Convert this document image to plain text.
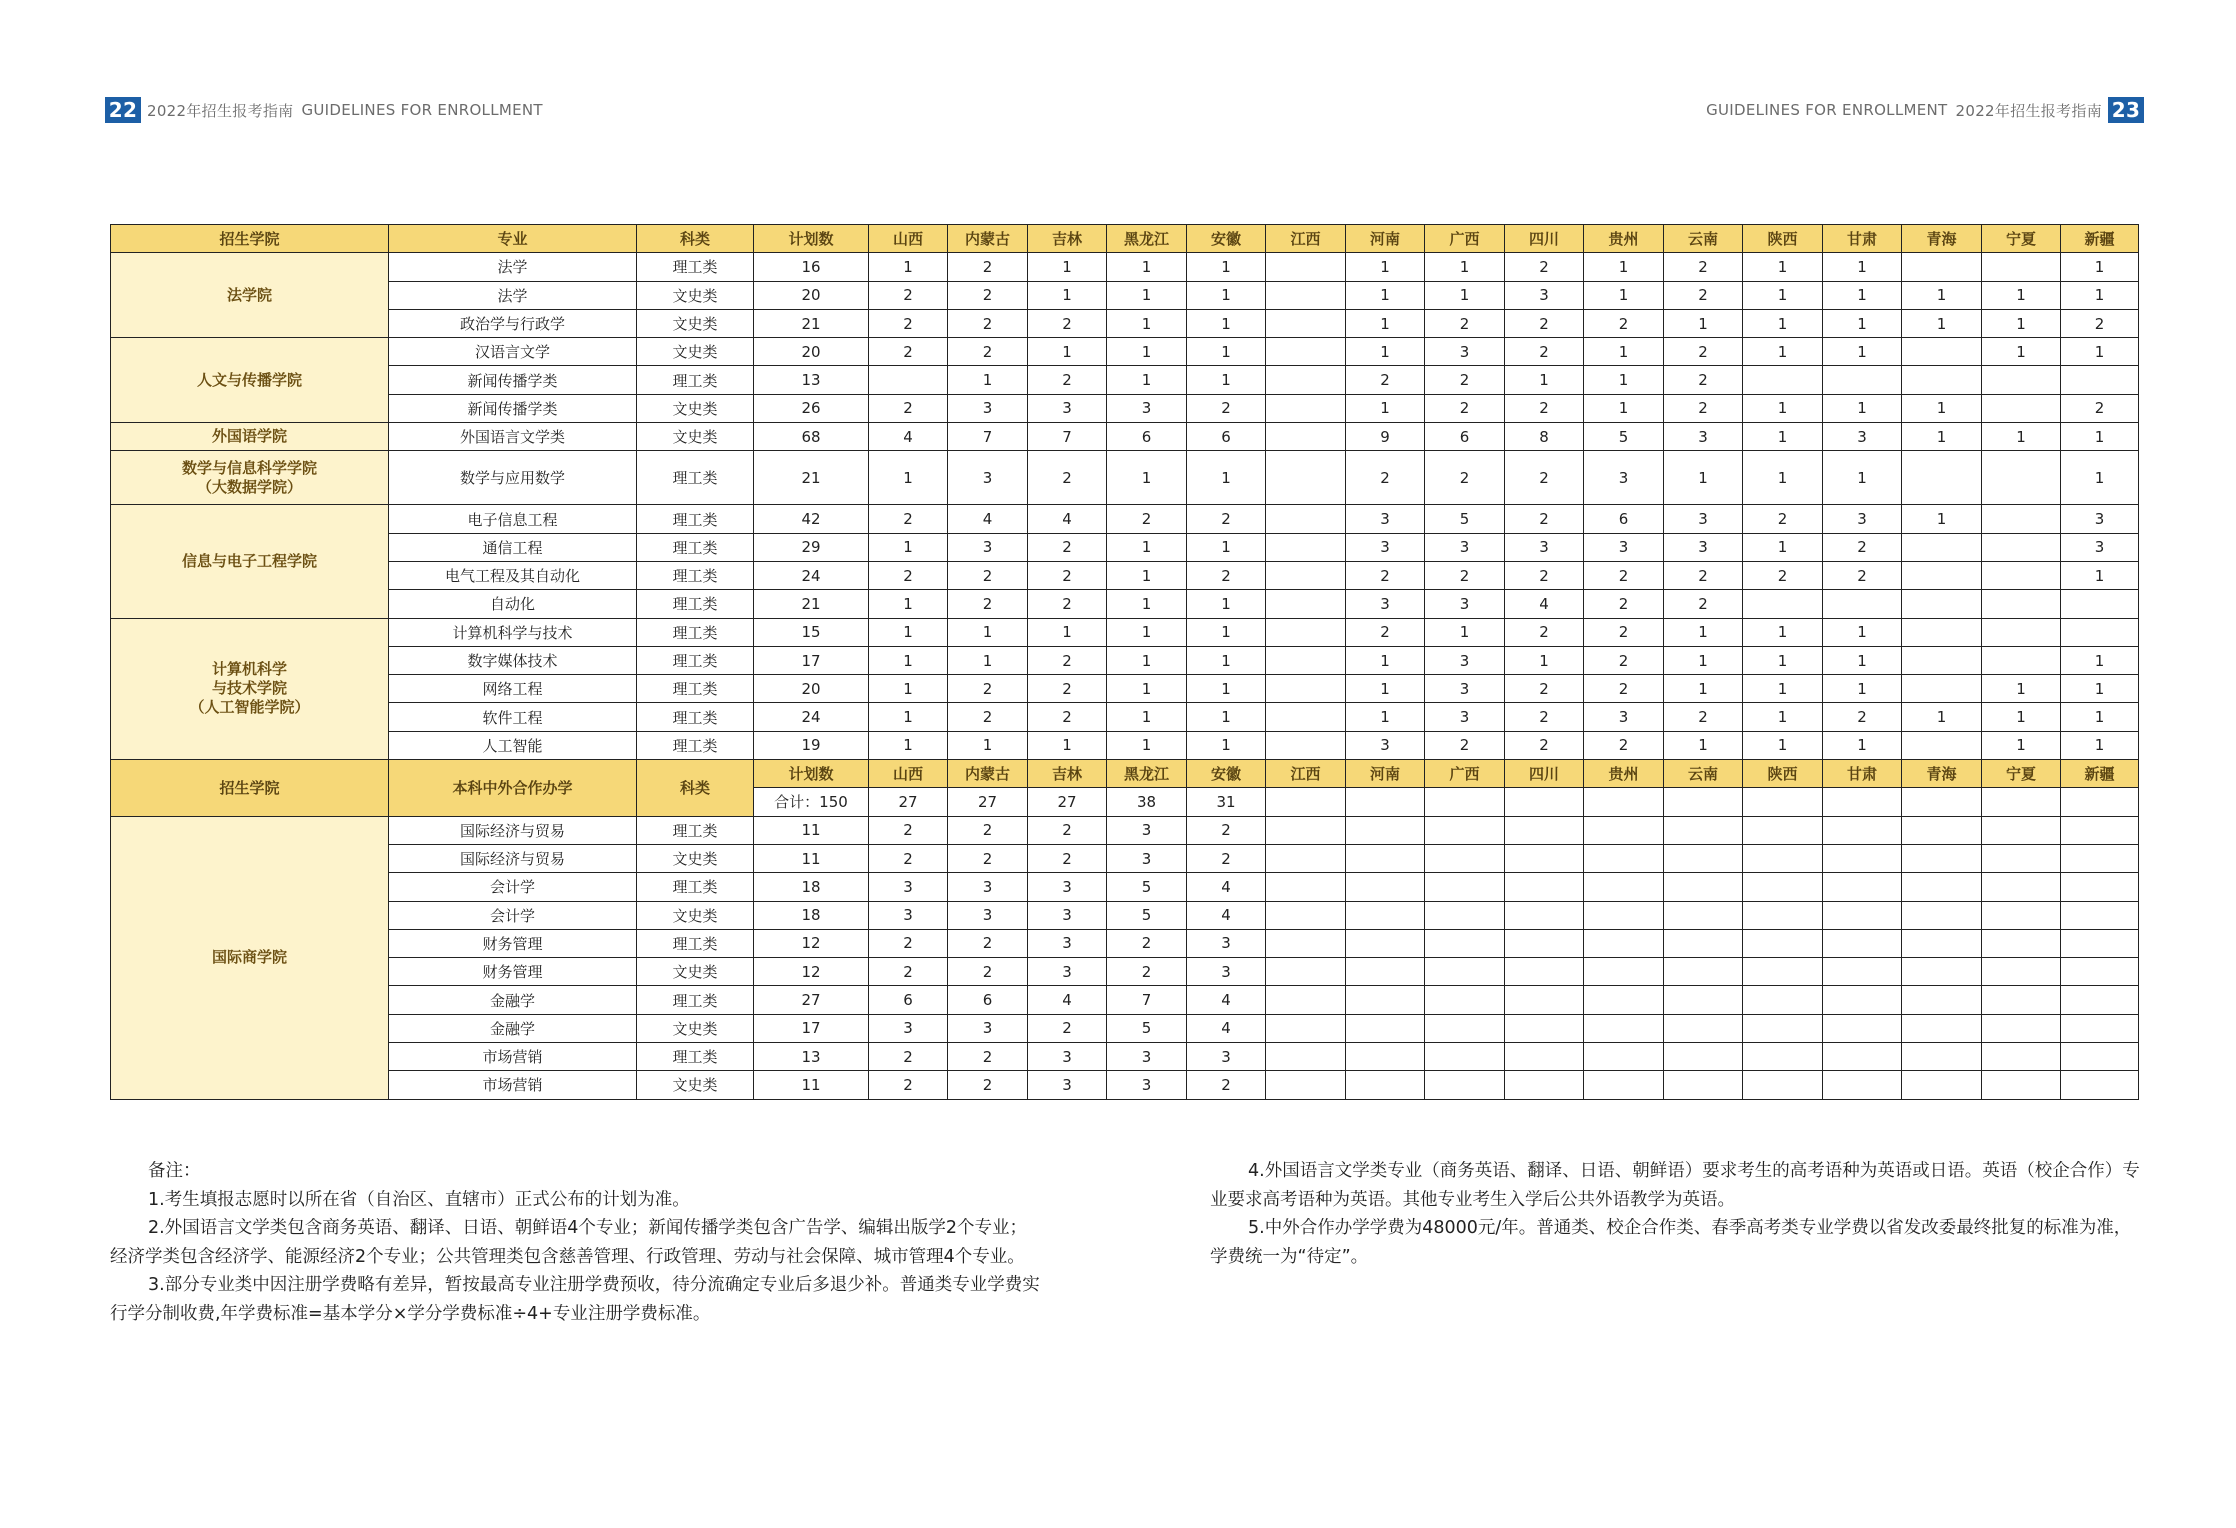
22 2022年招生报考指南 GUIDELINES FOR ENROLLMENT	GUIDELINES FOR ENROLLMENT 2022年招生报考指南 23
招生学院	专业	科类	计划数	山西	内蒙古	吉林	黑龙江	安徽	江西	河南	广西	四川	贵州	云南	陕西	甘肃	青海	宁夏	新疆
法学院	法学	理工类	16	1	2	1	1	1		1	1	2	1	2	1	1			1
	法学	文史类	20	2	2	1	1	1		1	1	3	1	2	1	1	1	1	1
	政治学与行政学	文史类	21	2	2	2	1	1		1	2	2	2	1	1	1	1	1	2
人文与传播学院	汉语言文学	文史类	20	2	2	1	1	1		1	3	2	1	2	1	1		1	1
	新闻传播学类	理工类	13		1	2	1	1		2	2	1	1	2					
	新闻传播学类	文史类	26	2	3	3	3	2		1	2	2	1	2	1	1	1		2
外国语学院	外国语言文学类	文史类	68	4	7	7	6	6		9	6	8	5	3	1	3	1	1	1
数学与信息科学学院
（大数据学院）	数学与应用数学	理工类	21	1	3	2	1	1		2	2	2	3	1	1	1			1
信息与电子工程学院	电子信息工程	理工类	42	2	4	4	2	2		3	5	2	6	3	2	3	1		3
	通信工程	理工类	29	1	3	2	1	1		3	3	3	3	3	1	2			3
	电气工程及其自动化	理工类	24	2	2	2	1	2		2	2	2	2	2	2	2			1
	自动化	理工类	21	1	2	2	1	1		3	3	4	2	2					
计算机科学
与技术学院
（人工智能学院）	计算机科学与技术	理工类	15	1	1	1	1	1		2	1	2	2	1	1	1			
	数字媒体技术	理工类	17	1	1	2	1	1		1	3	1	2	1	1	1			1
	网络工程	理工类	20	1	2	2	1	1		1	3	2	2	1	1	1		1	1
	软件工程	理工类	24	1	2	2	1	1		1	3	2	3	2	1	2	1	1	1
	人工智能	理工类	19	1	1	1	1	1		3	2	2	2	1	1	1		1	1
招生学院	本科中外合作办学	科类	计划数	山西	内蒙古	吉林	黑龙江	安徽	江西	河南	广西	四川	贵州	云南	陕西	甘肃	青海	宁夏	新疆
			合计：150	27	27	27	38	31											
国际商学院	国际经济与贸易	理工类	11	2	2	2	3	2											
	国际经济与贸易	文史类	11	2	2	2	3	2											
	会计学	理工类	18	3	3	3	5	4											
	会计学	文史类	18	3	3	3	5	4											
	财务管理	理工类	12	2	2	3	2	3											
	财务管理	文史类	12	2	2	3	2	3											
	金融学	理工类	27	6	6	4	7	4											
	金融学	文史类	17	3	3	2	5	4											
	市场营销	理工类	13	2	2	3	3	3											
	市场营销	文史类	11	2	2	3	3	2											

备注：

1.考生填报志愿时以所在省（自治区、直辖市）正式公布的计划为准。

2.外国语言文学类包含商务英语、翻译、日语、朝鲜语4个专业；新闻传播学类包含广告学、编辑出版学2个专业；经济学类包含经济学、能源经济2个专业；公共管理类包含慈善管理、行政管理、劳动与社会保障、城市管理4个专业。

3.部分专业类中因注册学费略有差异，暂按最高专业注册学费预收，待分流确定专业后多退少补。普通类专业学费实行学分制收费,年学费标准=基本学分×学分学费标准÷4+专业注册学费标准。

4.外国语言文学类专业（商务英语、翻译、日语、朝鲜语）要求考生的高考语种为英语或日语。英语（校企合作）专业要求高考语种为英语。其他专业考生入学后公共外语教学为英语。

5.中外合作办学学费为48000元/年。普通类、校企合作类、春季高考类专业学费以省发改委最终批复的标准为准，学费统一为“待定”。
